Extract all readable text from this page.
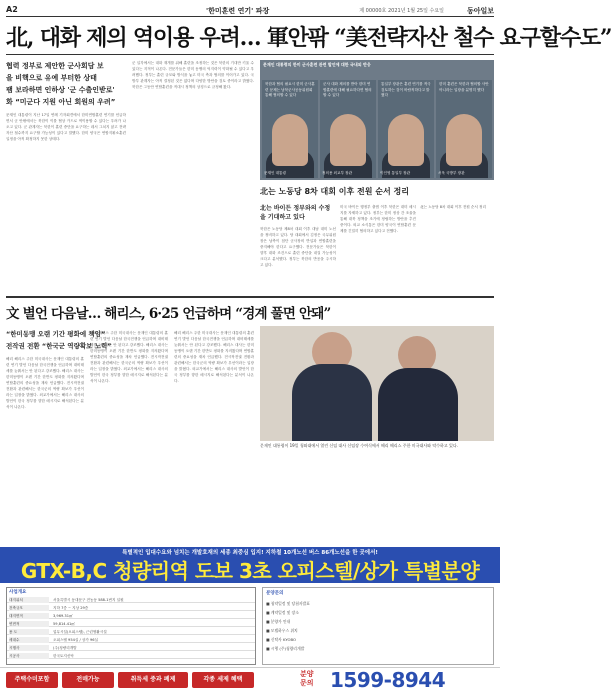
A2	'한미훈련 연기' 파장	제 00000호 2021년 1월 25일 수요일	동아일보
北, 대화 제의 역이용 우려… 軍안팎 “美전략자산 철수 요구할수도”
협력 정부로 제안한 군사회담 보
을 비핵으로 유예 부터한 상태
팸 보라하면 인하상 '군 수출인받로'
화 “미군다 지원 아닌 회원의 우려”
문재인 대통령이 지난 17일 연례 기자회견에서 한미연합훈련 연기를 언급하면서 군 안팎에서는 북한이 이를 협상 카드로 역이용할 수 있다는 우려가 나오고 있다. 군 관계자는 북한이 훈련 중단을 요구하는 데서 그치지 않고 전략자산 철수까지 요구할 가능성이 있다고 말했다. 한미 양국은 연합지휘소훈련 일정을 아직 확정하지 못한 상태다.
군 일각에서는 대화 재개를 위해 훈련을 조정하는 것은 북한의 기대만 키울 수 있다는 지적이 나온다. 전문가들은 한미 동맹의 억지력이 약화될 수 있다고 우려했다. 정부는 훈련 규모와 방식을 놓고 미국 측과 협의를 이어가고 있다. 국방부 관계자는 아직 결정된 것은 없다며 다양한 방안을 검토 중이라고 밝혔다. 북한은 그동안 연합훈련을 적대시 정책의 상징으로 규정해 왔다.
문재인 대통령의 한미 군사훈련 관련 발언에 대한 국내외 반응
북한과 협의 필요시 한미 군사훈련 문제는 남북군사공동위원회 통해 협의할 수 있다
문재인 대통령
군사 대화 제의를 받아 한미 연합훈련에 대해 필요하다면 협의할 수 있다
정의용 외교부 장관
통일부 장관은 훈련 연기를 적극 검토하는 것이 바람직하다고 밝혔다
이인영 통일부 장관
한미 훈련은 북한과 협의할 사안 아니라는 입장을 분명히 했다
서욱 국방부 장관
北는 노동당 8차 대회 이후 전원 순서 정리
北는 바이든 정부와의 수정을 기대하고 있다
북한은 노동당 제8차 대회 이후 대남 대미 노선을 정비하고 있다. 당 대회에서 김정은 국무위원장은 남측이 첨단 군사장비 반입과 연합훈련을 중지해야 한다고 요구했다. 전문가들은 북한이 향후 대화 조건으로 훈련 중단을 내걸 가능성이 크다고 분석했다. 정부는 북한의 반응을 주시하고 있다.
미국 바이든 행정부 출범 이후 북한은 대미 메시지를 자제하고 있다. 정부는 한미 정상 간 조율을 통해 대북 정책을 조기에 정립하는 방안을 추진 중이다. 외교 소식통은 한미 양국이 연합훈련 문제를 긴밀히 협의하고 있다고 전했다.
北는 노동당 8차 대회 이후 전원 순서 정리
文 별언 다음날… 해리스, 6·25 언급하며 “경계 풀면 안돼”
“한미동맹 오랜 기간 평화에 책임”
전작권 전환 “한국군 역량확보 노력”
해리 해리스 주한 미국대사는 문재인 대통령의 훈련 연기 발언 다음날 한국전쟁을 언급하며 대비태세를 늦춰서는 안 된다고 강조했다. 해리스 대사는 한미동맹이 오랜 기간 한반도 평화를 지켜왔다며 연합훈련의 중요성을 재차 언급했다. 전시작전권 전환과 관련해서는 한국군의 역량 확보가 우선이라는 입장을 밝혔다. 외교가에서는 해리스 대사의 발언이 한국 정부를 향한 메시지로 해석된다는 분석이 나온다.
해리 해리스 주한 미국대사는 문재인 대통령의 훈련 연기 발언 다음날 한국전쟁을 언급하며 대비태세를 늦춰서는 안 된다고 강조했다. 해리스 대사는 한미동맹이 오랜 기간 한반도 평화를 지켜왔다며 연합훈련의 중요성을 재차 언급했다. 전시작전권 전환과 관련해서는 한국군의 역량 확보가 우선이라는 입장을 밝혔다. 외교가에서는 해리스 대사의 발언이 한국 정부를 향한 메시지로 해석된다는 분석이 나온다.
해리 해리스 주한 미국대사는 문재인 대통령의 훈련 연기 발언 다음날 한국전쟁을 언급하며 대비태세를 늦춰서는 안 된다고 강조했다. 해리스 대사는 한미동맹이 오랜 기간 한반도 평화를 지켜왔다며 연합훈련의 중요성을 재차 언급했다. 전시작전권 전환과 관련해서는 한국군의 역량 확보가 우선이라는 입장을 밝혔다. 외교가에서는 해리스 대사의 발언이 한국 정부를 향한 메시지로 해석된다는 분석이 나온다.
문재인 대통령이 19일 청와대에서 열린 신임 대사 신임장 수여식에서 해리 해리스 주한 미국대사와 악수하고 있다.
특별적인 입대수요와 넘치는 개발호재의 세종 최중심 입지! 지하철 10개노선 버스 86개노선을 한 곳에서!
GTX-B,C 청량리역 도보 3초 오피스텔/상가 특별분양
사업개요
대지위치	서울특별시 동대문구 전농동 588-1번지 일원
건축규모	지하 7층 ~ 지상 29층
대지면적	3,969.31㎡
연면적	59,814.41㎡
용 도	업무시설(오피스텔), 근린생활시설
세대수	오피스텔 954실 / 상가 96실
시행사	(주)청량리개발
시공사	한국토지신탁
분양문의
■ 청약일정 및 당첨자발표
■ 계약일정 및 장소
■ 분양가 안내
■ 모델하우스 위치
■ 신탁사 KYOBO
■ 시행 (주)청량리개발
주택수미포함	전매가능	취득세 중과 폐제	각종 세제 혜택
분양 문의 1599-8944
